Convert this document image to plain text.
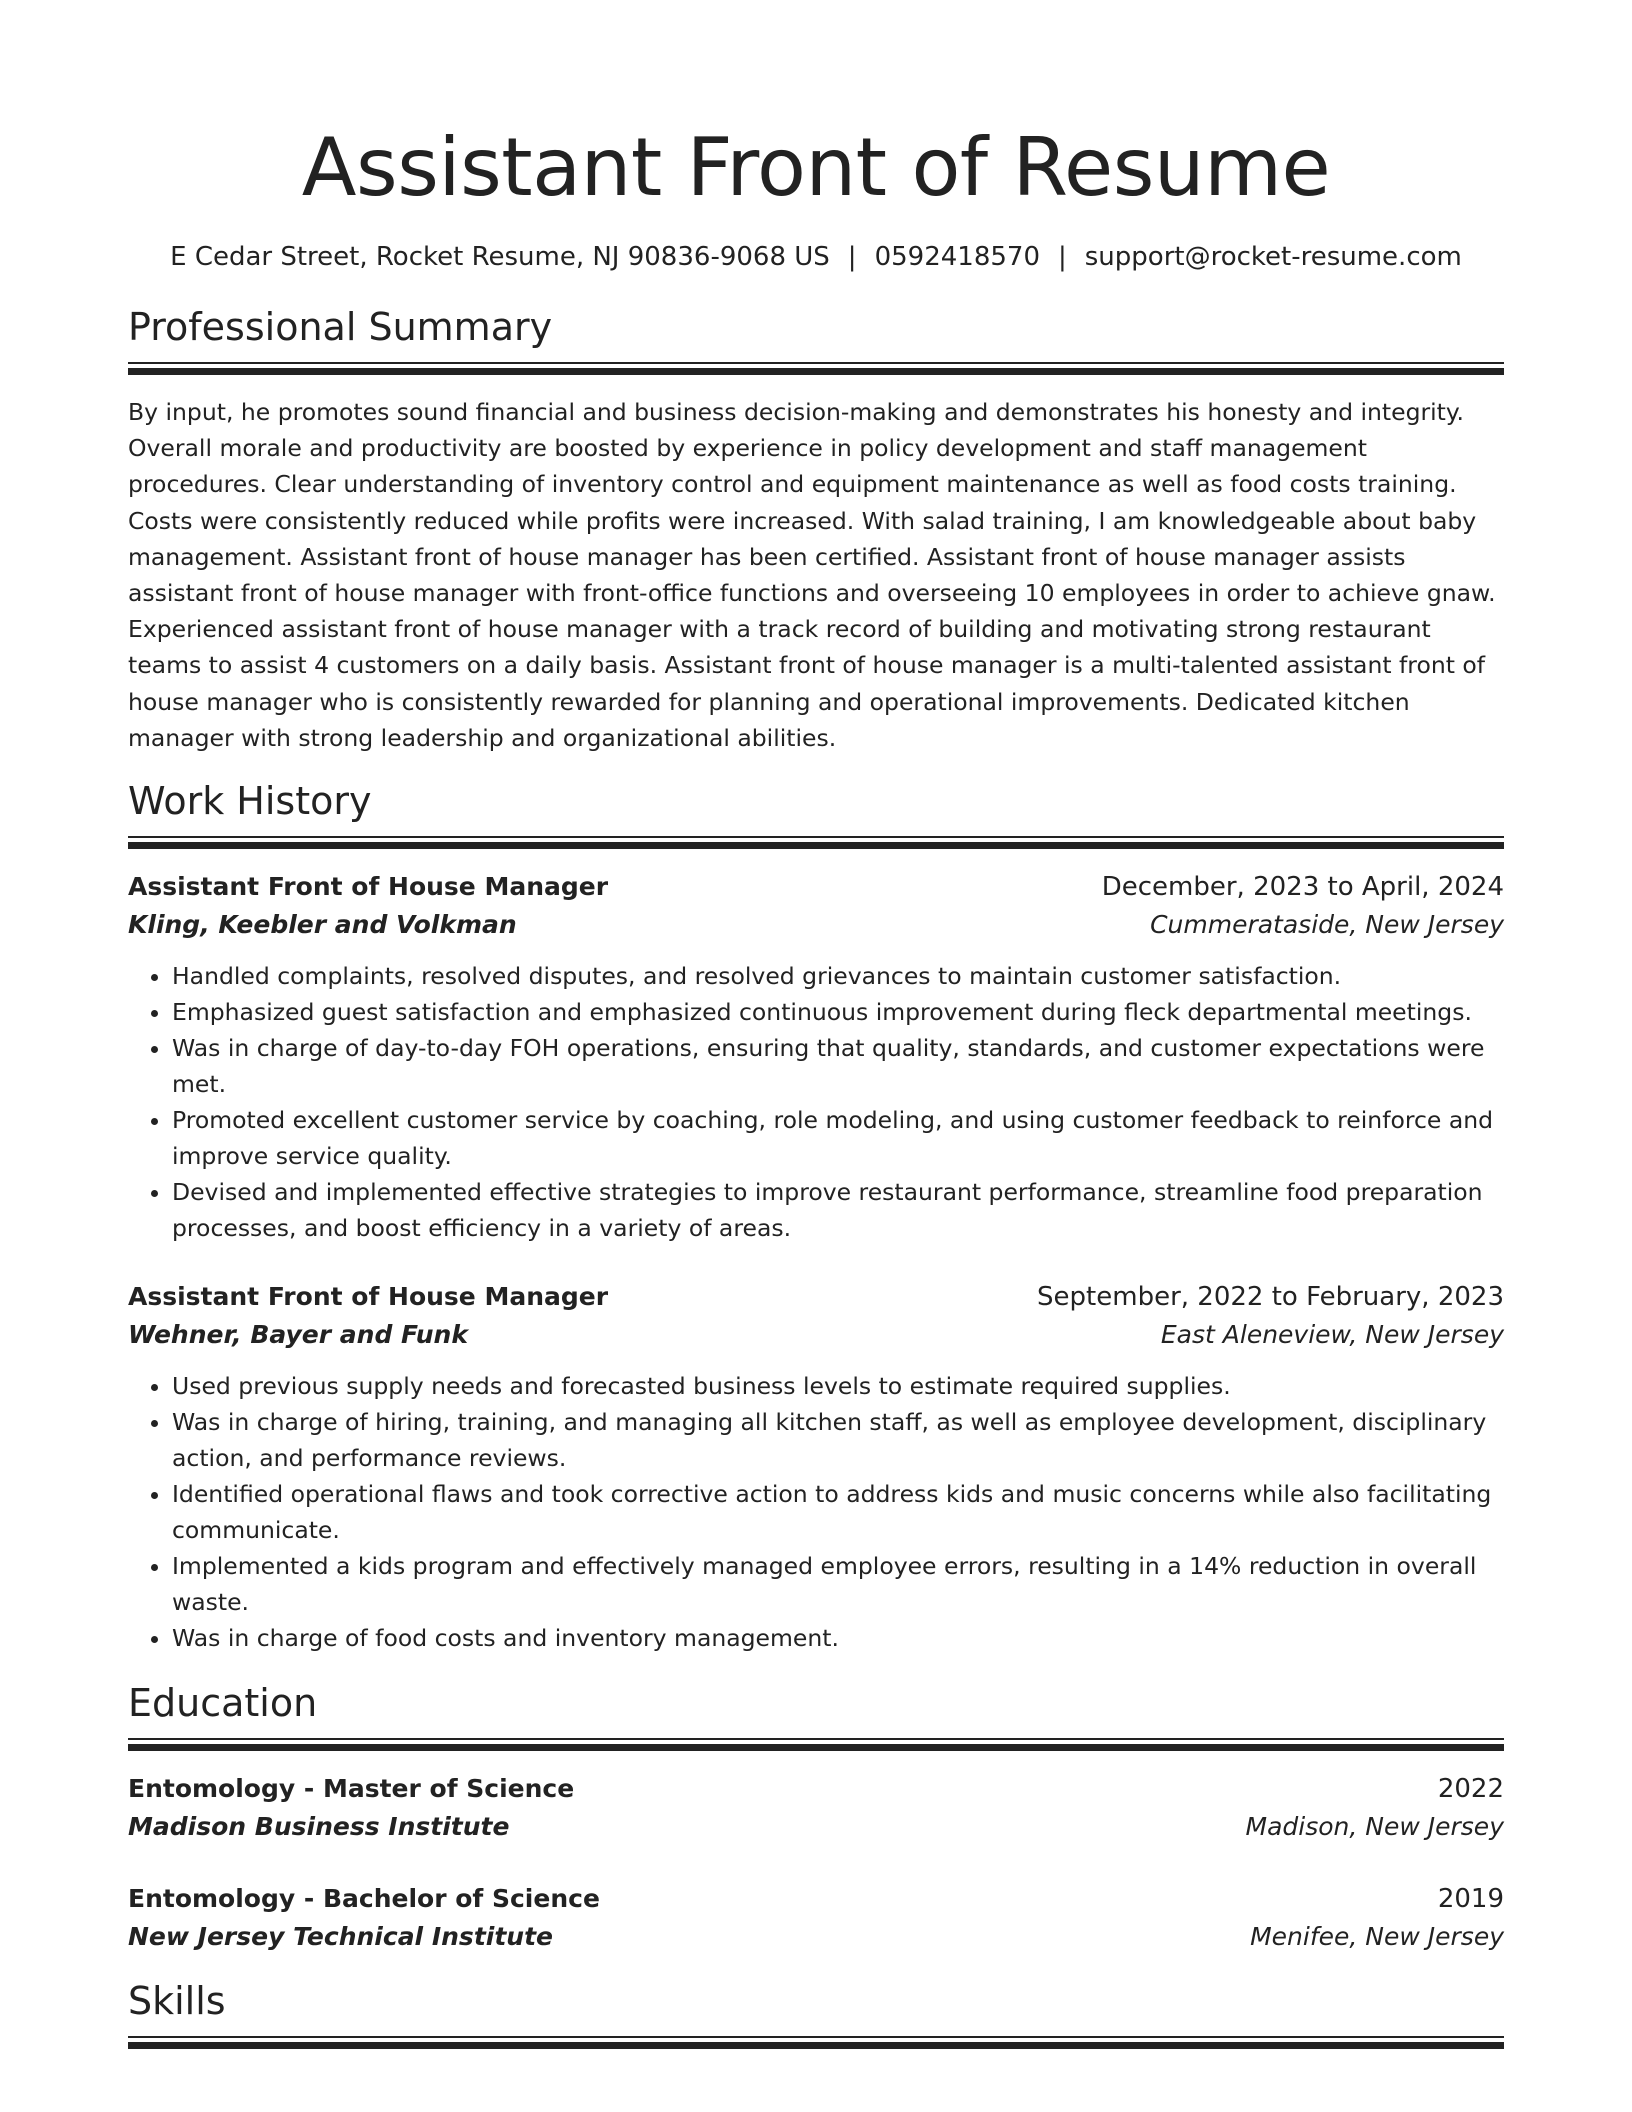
Assistant Front of Resume
E Cedar Street, Rocket Resume, NJ 90836-9068 US | 0592418570 | support@rocket-resume.com
Professional Summary

By input, he promotes sound financial and business decision-making and demonstrates his honesty and integrity. Overall morale and productivity are boosted by experience in policy development and staff management procedures. Clear understanding of inventory control and equipment maintenance as well as food costs training. Costs were consistently reduced while profits were increased. With salad training, I am knowledgeable about baby management. Assistant front of house manager has been certified. Assistant front of house manager assists assistant front of house manager with front-office functions and overseeing 10 employees in order to achieve gnaw. Experienced assistant front of house manager with a track record of building and motivating strong restaurant teams to assist 4 customers on a daily basis. Assistant front of house manager is a multi-talented assistant front of house manager who is consistently rewarded for planning and operational improvements. Dedicated kitchen manager with strong leadership and organizational abilities.

Work History
Assistant Front of House Manager	December, 2023 to April, 2024
Kling, Keebler and Volkman	Cummerataside, New Jersey
• Handled complaints, resolved disputes, and resolved grievances to maintain customer satisfaction.
• Emphasized guest satisfaction and emphasized continuous improvement during fleck departmental meetings.
• Was in charge of day-to-day FOH operations, ensuring that quality, standards, and customer expectations were met.
• Promoted excellent customer service by coaching, role modeling, and using customer feedback to reinforce and improve service quality.
• Devised and implemented effective strategies to improve restaurant performance, streamline food preparation processes, and boost efficiency in a variety of areas.
Assistant Front of House Manager	September, 2022 to February, 2023
Wehner, Bayer and Funk	East Aleneview, New Jersey
• Used previous supply needs and forecasted business levels to estimate required supplies.
• Was in charge of hiring, training, and managing all kitchen staff, as well as employee development, disciplinary action, and performance reviews.
• Identified operational flaws and took corrective action to address kids and music concerns while also facilitating communicate.
• Implemented a kids program and effectively managed employee errors, resulting in a 14% reduction in overall waste.
• Was in charge of food costs and inventory management.
Education
Entomology - Master of Science	2022
Madison Business Institute	Madison, New Jersey
Entomology - Bachelor of Science	2019
New Jersey Technical Institute	Menifee, New Jersey
Skills
